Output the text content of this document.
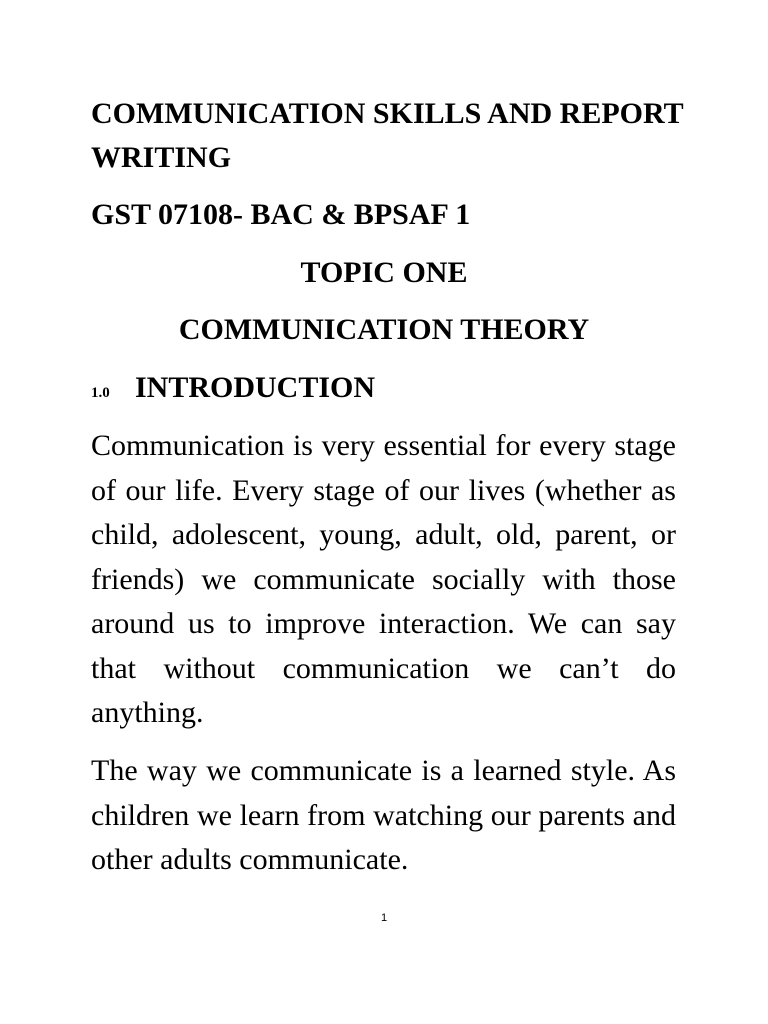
COMMUNICATION SKILLS AND REPORT WRITING
GST 07108- BAC & BPSAF 1
TOPIC ONE
COMMUNICATION THEORY
1.0 INTRODUCTION

Communication is very essential for every stage of our life. Every stage of our lives (whether as child, adolescent, young, adult, old, parent, or friends) we communicate socially with those around us to improve interaction. We can say that without communication we can’t do anything.

The way we communicate is a learned style. As children we learn from watching our parents and other adults communicate.

1
